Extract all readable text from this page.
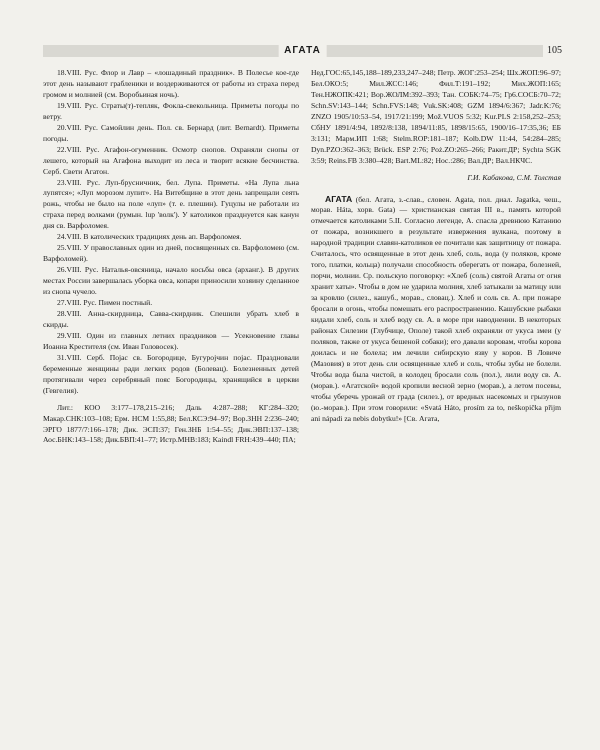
АГАТА	105

18.VIII. Рус. Флор и Лавр – «лошадиный праздник». В Полесье кое-где этот день называют грабленики и воздерживаются от работы из страха перед громом и молнией (см. Воробьиная ночь).

19.VIII. Рус. Страты(т)-тепляк, Фокла-свекольница. Приметы погоды по ветру.

20.VIII. Рус. Самойлин день. Пол. св. Бернард (лит. Bernardt). Приметы погоды.

22.VIII. Рус. Агафон-огуменник. Осмотр снопов. Охраняли снопы от лешего, который на Агафона выходит из леса и творит всякие бесчинства. Серб. Свети Агатон.

23.VIII. Рус. Луп-брусничник, бел. Лупа. Приметы. «На Лупа льна лупятся»; «Луп морозом лупит». На Витебщине в этот день запрещали сеять рожь, чтобы не было на поле «луп» (т. е. плешин). Гуцулы не работали из страха перед волками (румын. lup 'волк'). У католиков празднуется как канун дня св. Варфоломея.

24.VIII. В католических традициях день ап. Варфоломея.

25.VIII. У православных один из дней, посвященных св. Варфоломею (см. Варфоломей).

26.VIII. Рус. Наталья-овсяница, начало косьбы овса (арханг.). В других местах России завершалась уборка овса, копари приносили хозяину сделанное из снопа чучело.

27.VIII. Рус. Пимен постный.

28.VIII. Анна-скирдница, Савва-скирдник. Спешили убрать хлеб в скирды.

29.VIII. Один из главных летних праздников — Усекновение главы Иоанна Крестителя (см. Иван Головосек).

31.VIII. Серб. Појас св. Богородице, Бугурojчин појас. Праздновали беременные женщины ради легких родов (Болевац). Болезненных детей протягивали через серебряный пояс Богородицы, хранящийся в церкви (Гевгелия).

Лит.: КОО 3:177–178,215–216; Даль 4:287–288; КГ:284–320; Макар.СНК:103–108; Ерм. НСМ 1:55,88; Бел.КСЭ:94–97; Вор.ЗНН 2:236–240; ЭРГО 1877/7:166–178; Дик. ЭСП:37; Ген.ЗНБ 1:54–55; Дик.ЭВП:137–138; Аос.БНК:143–158; Дик.БВП:41–77; Истр.МНВ:183; Kaindl FRH:439–440; ПА;

Нед.ГОС:65,145,188–189,233,247–248; Петр. ЖОГ:253–254; Шх.ЖОП:96–97; Бел.ОКО:5; Мил.ЖСС:146; Фил.Т:191–192; Мих.ЖОП:165; Тен.НЖОПК:421; Вор.ЖОЛМ:392–393; Тан. СОБК:74–75; Гр6.СОСБ:70–72; Schn.SV:143–144; Schn.FVS:148; Vuk.SK:408; GZM 1894/6:367; Jadr.K:76; ZNZO 1905/10:53–54, 1917/21:199; Mož.VUOS 5:32; Kur.PLS 2:158,252–253; СбНУ 1891/4:94, 1892/8:138, 1894/11:85, 1898/15:65, 1900/16–17:35,36; ЕБ 3:131; Марм.ИП 1:68; Stelm.ROP:181–187; Kolb.DW 11:44, 54:284–285; Dyn.PZO:362–363; Brück. ESP 2:76; Poż.ZO:265–266; Ракит.ДР; Sychta SGK 3:59; Reins.FB 3:380–428; Bart.ML:82; Нос.:286; Вал.ДР; Вал.НКЧС.

Г.И. Кабакова, С.М. Толстая

АГАТА (бел. Агата, з.-слав., словен. Agata, пол. диал. Jagatka, чеш., морав. Háta, хорв. Gata) — христианская святая III в., память которой отмечается католиками 5.II. Согласно легенде, А. спасла древнюю Катанию от пожара, возникшего в результате извержения вулкана, поэтому в народной традиции славян-католиков ее почитали как защитницу от пожара. Считалось, что освященные в этот день хлеб, соль, вода (у поляков, кроме того, платки, кольца) получали способность оберегать от пожара, болезней, порчи, молнии. Ср. польскую поговорку: «Хлеб (соль) святой Агаты от огня хранит хаты». Чтобы в дом не ударила молния, хлеб затыкали за матицу или за кровлю (силез., кашуб., морав., словац.). Хлеб и соль св. А. при пожаре бросали в огонь, чтобы помешать его распространению. Кашубские рыбаки кидали хлеб, соль и хлеб воду св. А. в море при наводнении. В некоторых районах Силезии (Глубчице, Ополе) такой хлеб охраняли от укуса змеи (у поляков, также от укуса бешеной собаки); его давали коровам, чтобы корова доилась и не болела; им лечили сибирскую язву у коров. В Ловиче (Мазовия) в этот день сли освященные хлеб и соль, чтобы зубы не болели. Чтобы вода была чистой, в колодец бросали соль (пол.), лили воду св. А. (морав.). «Агатской» водой кропили весной зерно (морав.), а летом посевы, чтобы уберечь урожай от града (силез.), от вредных насекомых и грызунов (ю.-морав.). При этом говорили: «Svatá Háto, prosím za to, neškopička přijm ani nápadi za nebis dobytku!» [Св. Агата,
